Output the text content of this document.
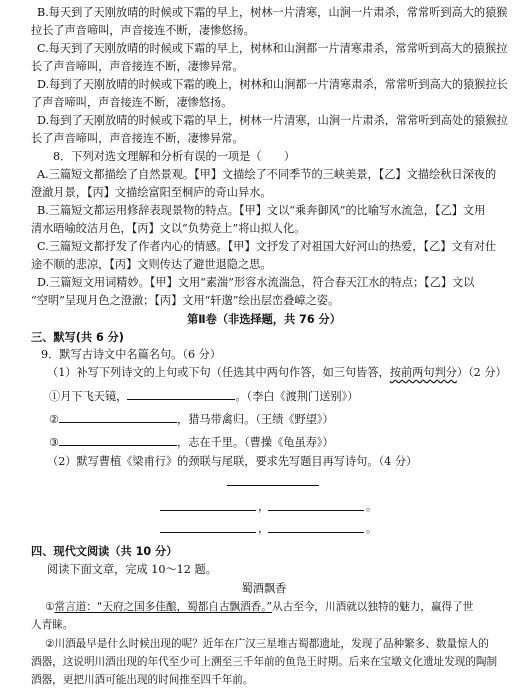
B.每天到了天刚放晴的时候或下霜的早上，树林一片清寒，山涧一片肃杀，常常听到高大的猿猴
拉长了声音啼叫，声音接连不断，凄惨悠扬。
C.每天到了天刚放晴的时候或下霜的早上，树林和山涧都一片清寒肃杀，常常听到高大的猿猴拉
长了声音啼叫，声音接连不断，凄惨异常。
D.每到了天刚放晴的时候或下霜的晚上，树林和山涧都一片清寒肃杀，常常听到高大的猿猴拉长
了声音啼叫，声音接连不断，凄惨悠扬。
D.每到了天刚放晴的时候或下霜的早上，树林一片清寒，山涧一片肃杀，常常听到高处的猿猴拉
长了声音啼叫，声音接连不断，凄惨异常。
8．下列对选文理解和分析有误的一项是（　　）
A.三篇短文都描绘了自然景观。【甲】文描绘了不同季节的三峡美景，【乙】文描绘秋日深夜的
澄澈月景，【丙】文描绘富阳至桐庐的奇山异水。
B.三篇短文都运用修辞表现景物的特点。【甲】文以“乘奔御风”的比喻写水流急，【乙】文用
清水晤喻皎洁月色，【丙】文以“负势竞上”将山拟人化。
C.三篇短文都抒发了作者内心的情感。【甲】文抒发了对祖国大好河山的热爱，【乙】文有对仕
途不顺的悲凉，【丙】文则传达了避世退隐之思。
D.三篇短文用词精妙。【甲】文用“素湍”形容水流湍急，符合春天江水的特点；【乙】文以
“空明”呈现月色之澄澈；【丙】文用“轩邈”绘出层峦叠嶂之姿。
第Ⅱ卷（非选择题，共 76 分）
三、默写(共 6 分)
9．默写古诗文中名篇名句。（6 分）
（1）补写下列诗文的上句或下句（任选其中两句作答，如三句皆答，按前两句判分）（2 分）
①月下飞天镜，	。（李白《渡荆门送别》）
②	，猎马带禽归。（王绩《野望》）
③	，志在千里。（曹操《龟虽寿》）
（2）默写曹植《梁甫行》的颈联与尾联，要求先写题目再写诗句。（4 分）
，	。
，	。
四、现代文阅读（共 10 分）
阅读下面文章，完成 10～12 题。
蜀酒飘香
①常言道：“天府之国多佳酿，蜀都自古飘酒香。”从古至今，川酒就以独特的魅力，赢得了世
人青睐。
②川酒最早是什么时候出现的呢？近年在广汉三星堆古蜀都遗址，发现了品种繁多、数量惊人的
酒器，这说明川酒出现的年代至少可上溯至三千年前的鱼凫王时期。后来在宝墩文化遗址发现的陶制
酒器，更把川酒可能出现的时间推至四千年前。
